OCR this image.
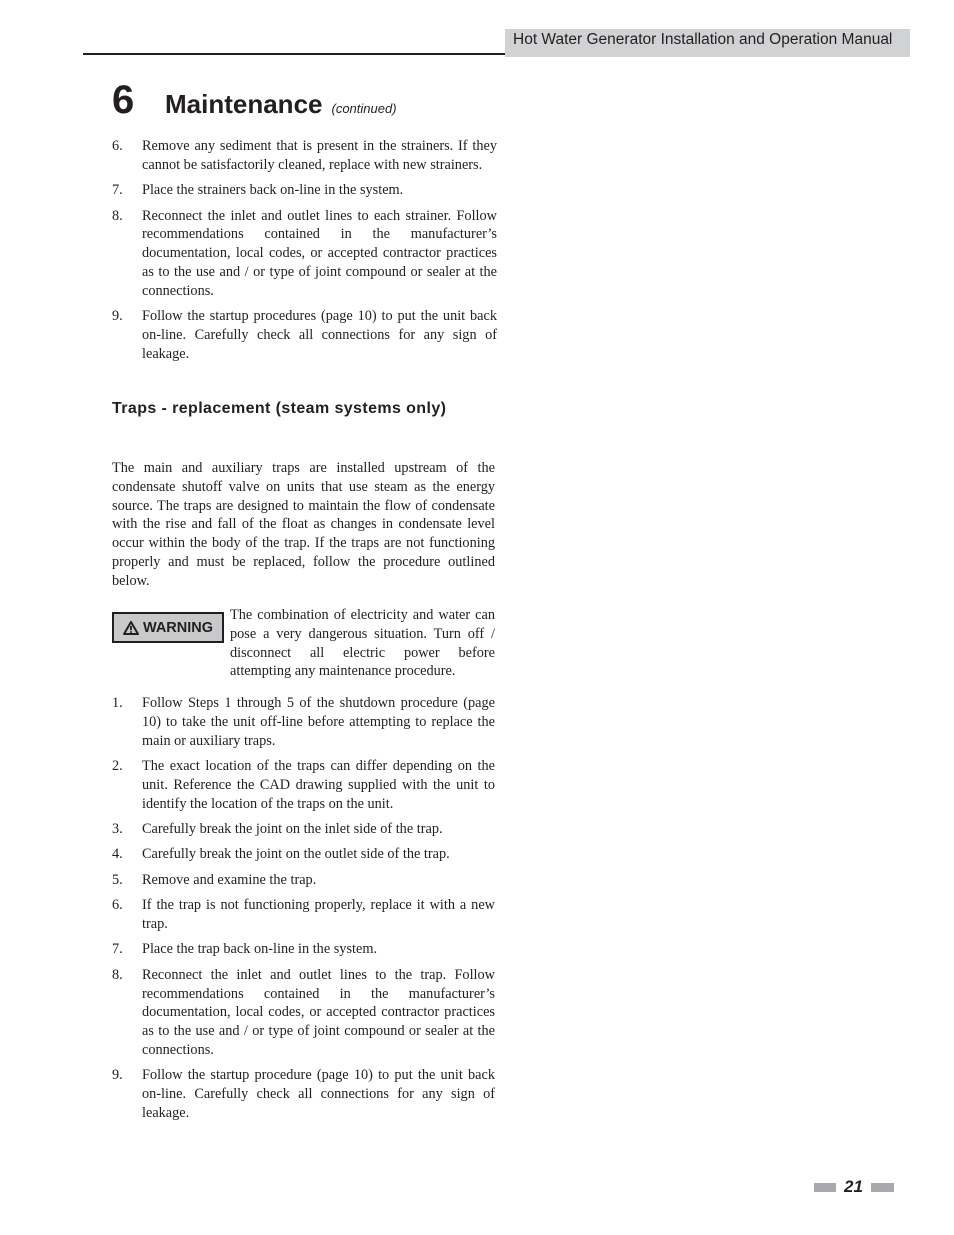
Hot Water Generator Installation and Operation Manual
6	Maintenance (continued)
6.	Remove any sediment that is present in the strainers. If they cannot be satisfactorily cleaned, replace with new strainers.
7.	Place the strainers back on-line in the system.
8.	Reconnect the inlet and outlet lines to each strainer. Follow recommendations contained in the manufacturer’s documentation, local codes, or accepted contractor practices as to the use and / or type of joint compound or sealer at the connections.
9.	Follow the startup procedures (page 10) to put the unit back on-line. Carefully check all connections for any sign of leakage.
Traps - replacement (steam systems only)
The main and auxiliary traps are installed upstream of the condensate shutoff valve on units that use steam as the energy source. The traps are designed to maintain the flow of condensate with the rise and fall of the float as changes in condensate level occur within the body of the trap. If the traps are not functioning properly and must be replaced, follow the procedure outlined below.
WARNING
The combination of electricity and water can pose a very dangerous situation. Turn off / disconnect all electric power before attempting any maintenance procedure.
1.	Follow Steps 1 through 5 of the shutdown procedure (page 10) to take the unit off-line before attempting to replace the main or auxiliary traps.
2.	The exact location of the traps can differ depending on the unit. Reference the CAD drawing supplied with the unit to identify the location of the traps on the unit.
3.	Carefully break the joint on the inlet side of the trap.
4.	Carefully break the joint on the outlet side of the trap.
5.	Remove and examine the trap.
6.	If the trap is not functioning properly, replace it with a new trap.
7.	Place the trap back on-line in the system.
8.	Reconnect the inlet and outlet lines to the trap. Follow recommendations contained in the manufacturer’s documentation, local codes, or accepted contractor practices as to the use and / or type of joint compound or sealer at the connections.
9.	Follow the startup procedure (page 10) to put the unit back on-line. Carefully check all connections for any sign of leakage.
21
